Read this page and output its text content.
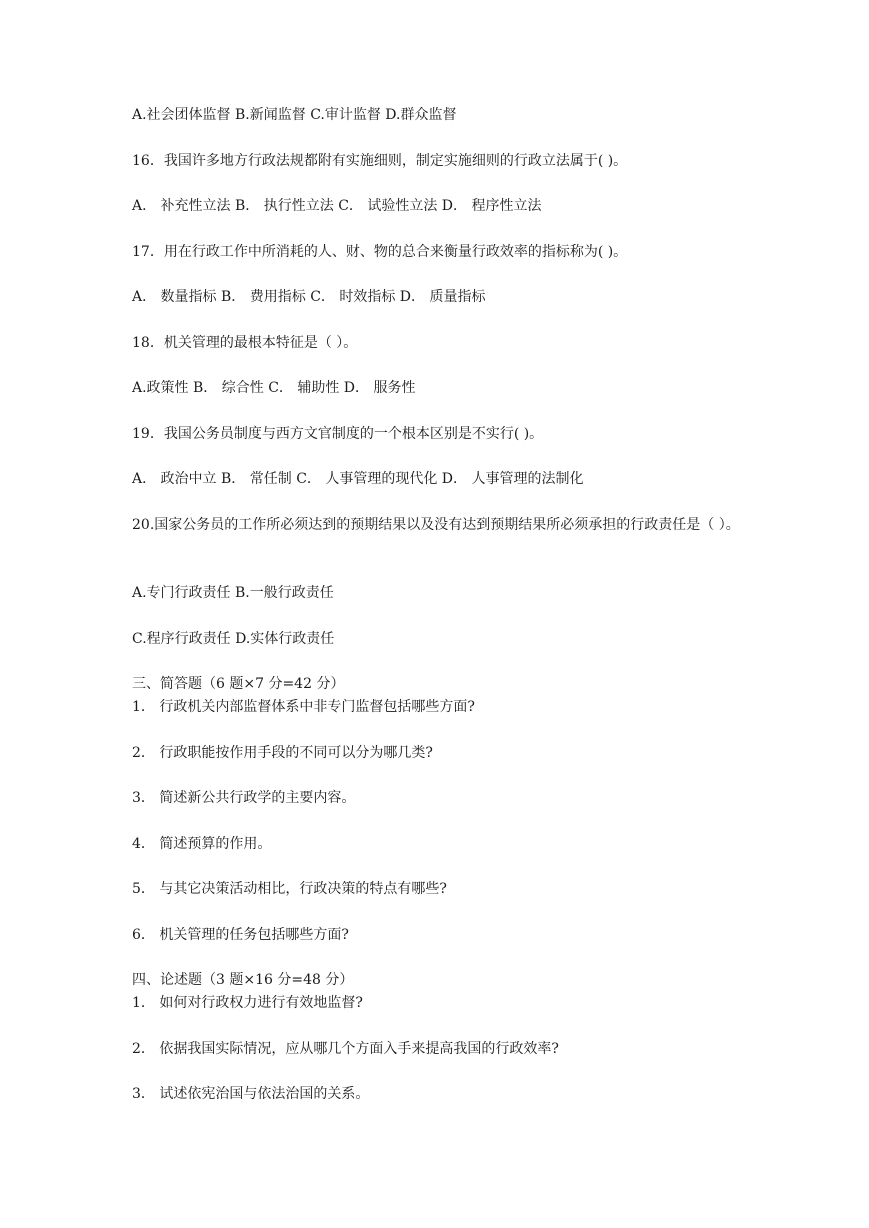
A.社会团体监督 B.新闻监督 C.审计监督 D.群众监督
16．我国许多地方行政法规都附有实施细则，制定实施细则的行政立法属于( )。
A． 补充性立法 B． 执行性立法 C． 试验性立法 D． 程序性立法
17．用在行政工作中所消耗的人、财、物的总合来衡量行政效率的指标称为( )。
A． 数量指标 B． 费用指标 C． 时效指标 D． 质量指标
18．机关管理的最根本特征是（ ）。
A.政策性 B． 综合性 C． 辅助性 D． 服务性
19．我国公务员制度与西方文官制度的一个根本区别是不实行( )。
A． 政治中立 B． 常任制 C． 人事管理的现代化 D． 人事管理的法制化
20.国家公务员的工作所必须达到的预期结果以及没有达到预期结果所必须承担的行政责任是（ ）。
A.专门行政责任 B.一般行政责任
C.程序行政责任 D.实体行政责任
三、简答题（6 题×7 分=42 分）
1． 行政机关内部监督体系中非专门监督包括哪些方面?
2． 行政职能按作用手段的不同可以分为哪几类?
3． 简述新公共行政学的主要内容。
4． 简述预算的作用。
5． 与其它决策活动相比，行政决策的特点有哪些?
6． 机关管理的任务包括哪些方面?
四、论述题（3 题×16 分=48 分）
1． 如何对行政权力进行有效地监督?
2． 依据我国实际情况，应从哪几个方面入手来提高我国的行政效率?
3． 试述依宪治国与依法治国的关系。
